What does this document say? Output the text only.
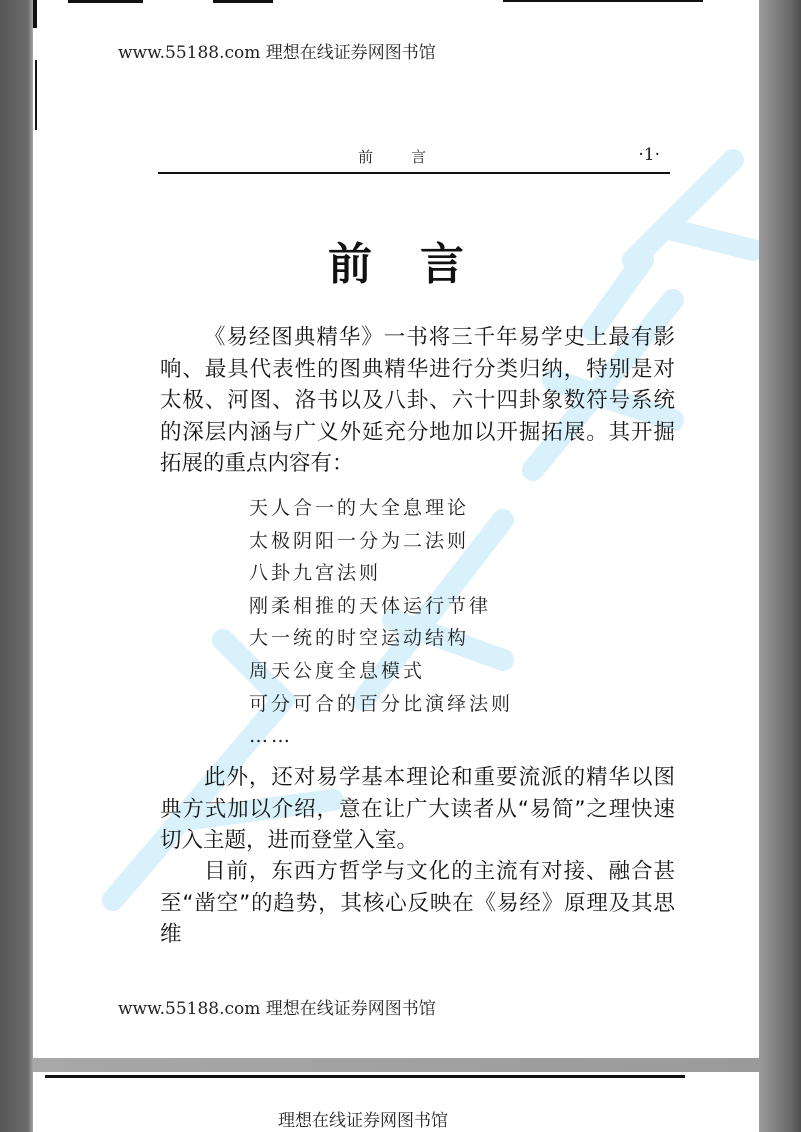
www.55188.com 理想在线证券网图书馆
前言	·1·
前言
《易经图典精华》一书将三千年易学史上最有影响、最具代表性的图典精华进行分类归纳，特别是对太极、河图、洛书以及八卦、六十四卦象数符号系统的深层内涵与广义外延充分地加以开掘拓展。其开掘拓展的重点内容有：
天人合一的大全息理论
太极阴阳一分为二法则
八卦九宫法则
刚柔相推的天体运行节律
大一统的时空运动结构
周天公度全息模式
可分可合的百分比演绎法则
……
此外，还对易学基本理论和重要流派的精华以图典方式加以介绍，意在让广大读者从“易简”之理快速切入主题，进而登堂入室。
目前，东西方哲学与文化的主流有对接、融合甚至“凿空”的趋势，其核心反映在《易经》原理及其思维
www.55188.com 理想在线证券网图书馆
理想在线证券网图书馆
